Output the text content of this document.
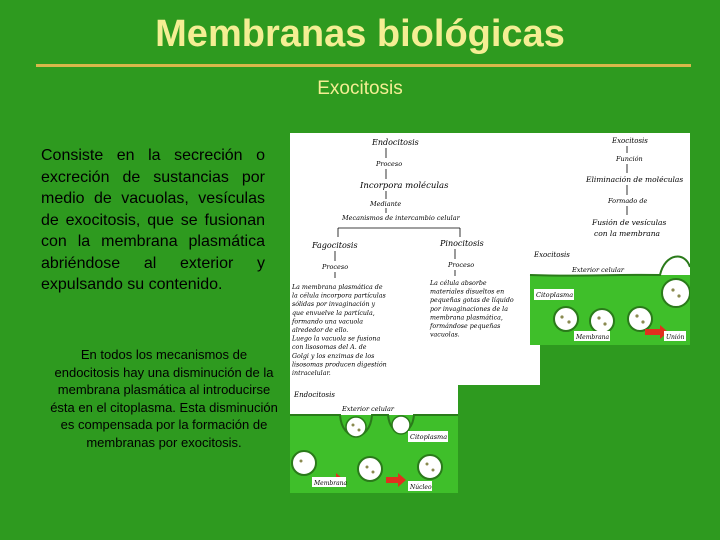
Membranas biológicas
Exocitosis
Consiste en la secreción o excreción de sustancias por medio de vacuolas, vesículas de exocitosis, que se fusionan con la membrana plasmática abriéndose al exterior y expulsando su contenido.
En todos los mecanismos de endocitosis hay una disminución de la membrana plasmática al introducirse ésta en el citoplasma. Esta disminución es compensada por la formación de membranas por exocitosis.
Endocitosis
Proceso
Incorpora moléculas
Mediante
Mecanismos de intercambio celular
Exocitosis
Función
Eliminación de moléculas
Formado de
Fusión de vesículas
con la membrana
Fagocitosis
Proceso
Pinocitosis
Proceso
La membrana plasmática de
la célula incorpora partículas
sólidas por invaginación y
que envuelve la partícula,
formando una vacuola
alrededor de ello.
Luego la vacuola se fusiona
con lisosomas del A. de
Golgi y los enzimas de los
lisosomas producen digestión
intracelular.
La célula absorbe
materiales disueltos en
pequeñas gotas de líquido
por invaginaciones de la
membrana plasmática,
formándose pequeñas
vacuolas.
Exocitosis
Exterior celular
Citoplasma
Membrana	Unión
Endocitosis
Exterior celular
Citoplasma
Membrana
Núcleo
